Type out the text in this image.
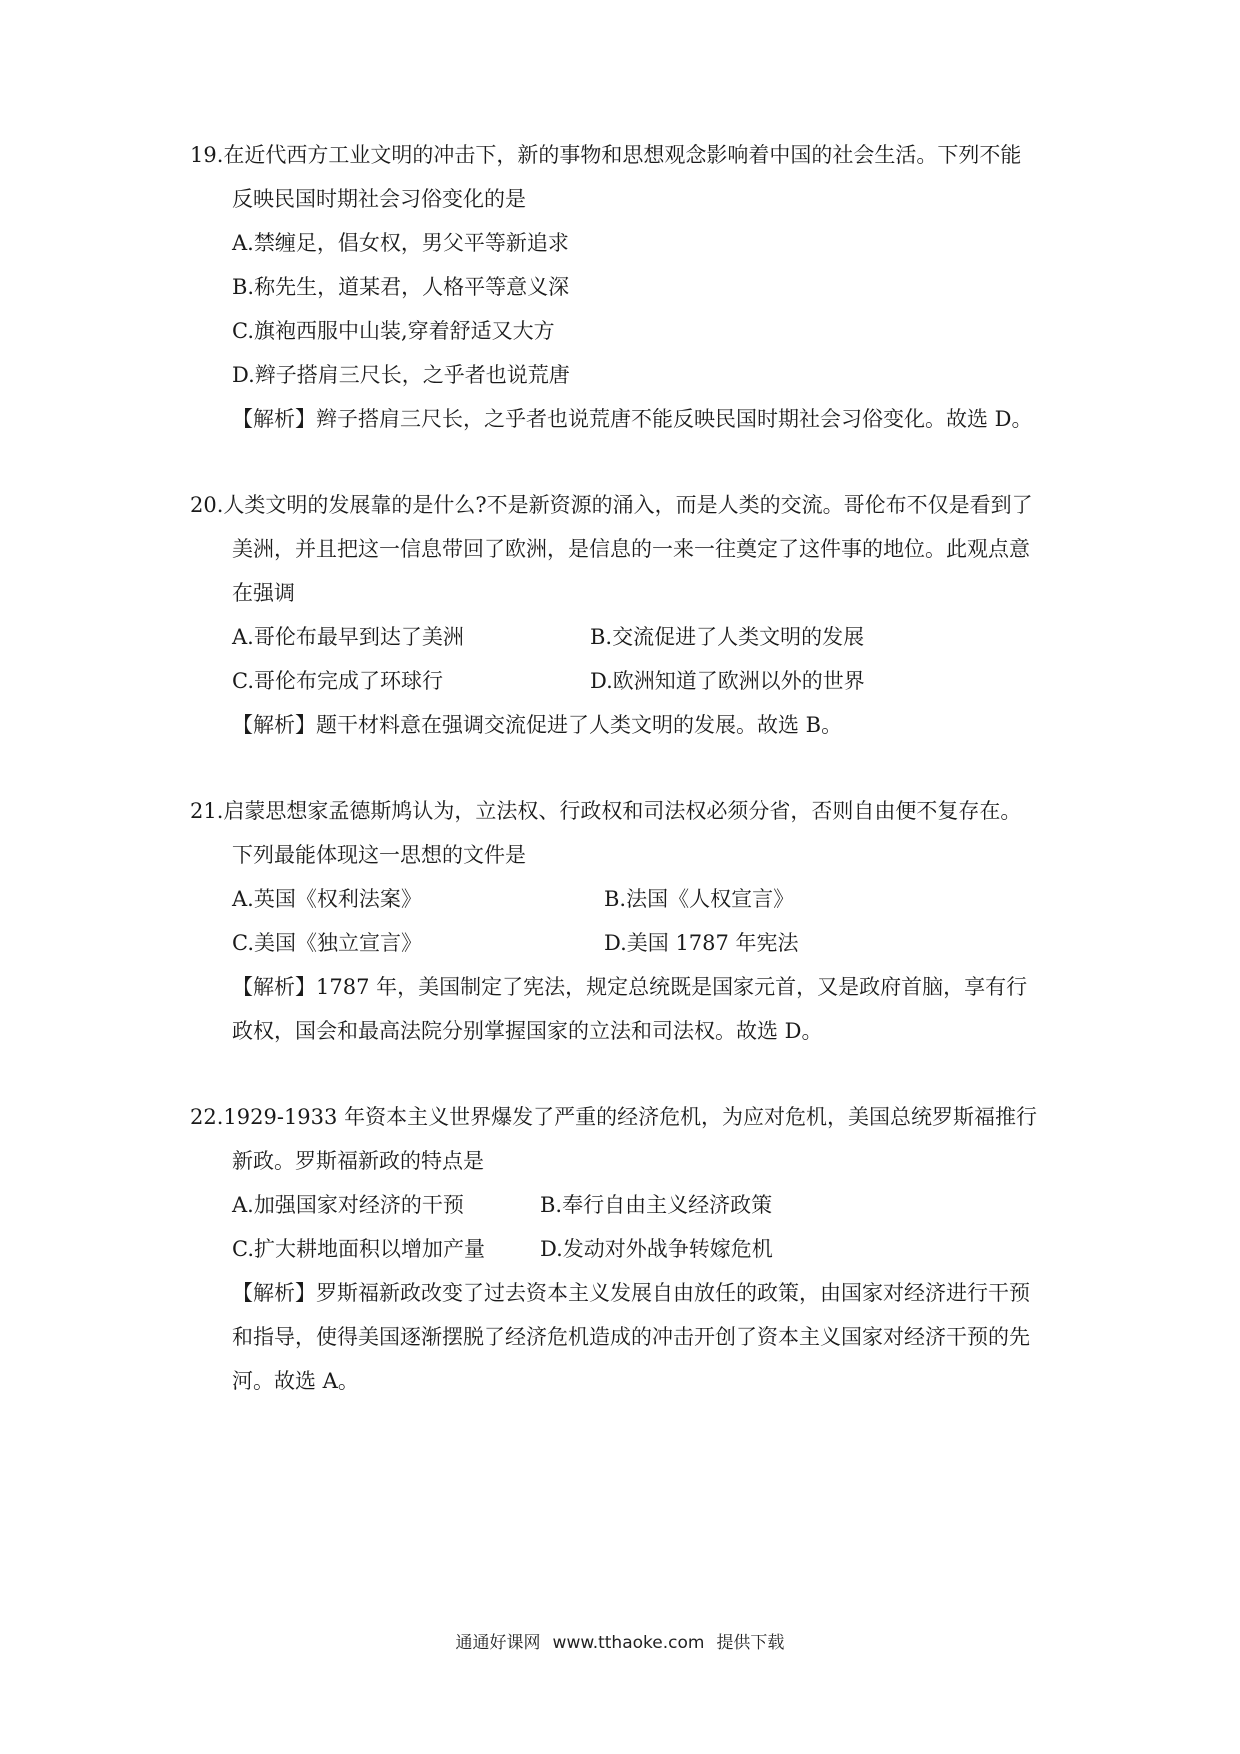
19.在近代西方工业文明的冲击下，新的事物和思想观念影响着中国的社会生活。下列不能
反映民国时期社会习俗变化的是
A.禁缠足，倡女权，男父平等新追求
B.称先生，道某君，人格平等意义深
C.旗袍西服中山装,穿着舒适又大方
D.辫子搭肩三尺长，之乎者也说荒唐
【解析】辫子搭肩三尺长，之乎者也说荒唐不能反映民国时期社会习俗变化。故选 D。
20.人类文明的发展靠的是什么?不是新资源的涌入，而是人类的交流。哥伦布不仅是看到了
美洲，并且把这一信息带回了欧洲，是信息的一来一往奠定了这件事的地位。此观点意
在强调
A.哥伦布最早到达了美洲	B.交流促进了人类文明的发展
C.哥伦布完成了环球行	D.欧洲知道了欧洲以外的世界
【解析】题干材料意在强调交流促进了人类文明的发展。故选 B。
21.启蒙思想家孟德斯鸠认为，立法权、行政权和司法权必须分省，否则自由便不复存在。
下列最能体现这一思想的文件是
A.英国《权利法案》	B.法国《人权宣言》
C.美国《独立宣言》	D.美国 1787 年宪法
【解析】1787 年，美国制定了宪法，规定总统既是国家元首，又是政府首脑，享有行
政权，国会和最高法院分别掌握国家的立法和司法权。故选 D。
22.1929-1933 年资本主义世界爆发了严重的经济危机，为应对危机，美国总统罗斯福推行
新政。罗斯福新政的特点是
A.加强国家对经济的干预	B.奉行自由主义经济政策
C.扩大耕地面积以增加产量	D.发动对外战争转嫁危机
【解析】罗斯福新政改变了过去资本主义发展自由放任的政策，由国家对经济进行干预
和指导，使得美国逐渐摆脱了经济危机造成的冲击开创了资本主义国家对经济干预的先
河。故选 A。
通通好课网 www.tthaoke.com 提供下载
